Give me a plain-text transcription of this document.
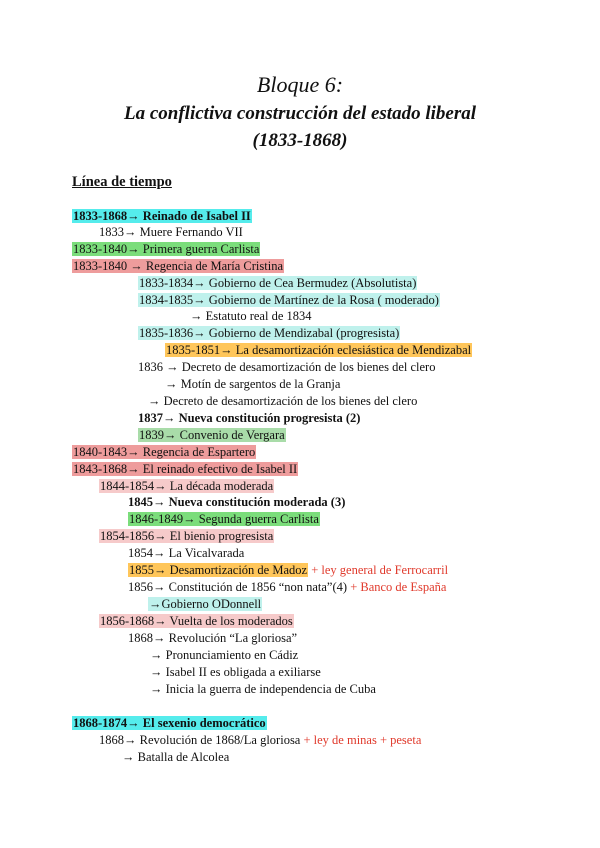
Bloque 6:
La conflictiva construcción del estado liberal
(1833-1868)
Línea de tiempo
1833-1868→ Reinado de Isabel II
1833→ Muere Fernando VII
1833-1840→ Primera guerra Carlista
1833-1840 → Regencia de María Cristina
1833-1834→ Gobierno de Cea Bermudez (Absolutista)
1834-1835→ Gobierno de Martínez de la Rosa ( moderado)
→ Estatuto real de 1834
1835-1836→ Gobierno de Mendizabal (progresista)
1835-1851→ La desamortización eclesiástica de Mendizabal
1836 → Decreto de desamortización de los bienes del clero
→ Motín de sargentos de la Granja
→ Decreto de desamortización de los bienes del clero
1837→ Nueva constitución progresista (2)
1839→ Convenio de Vergara
1840-1843→ Regencia de Espartero
1843-1868→ El reinado efectivo de Isabel II
1844-1854→ La década moderada
1845→ Nueva constitución moderada (3)
1846-1849→ Segunda guerra Carlista
1854-1856→ El bienio progresista
1854→ La Vicalvarada
1855→ Desamortización de Madoz + ley general de Ferrocarril
1856→ Constitución de 1856 “non nata”(4) + Banco de España
→Gobierno ODonnell
1856-1868→ Vuelta de los moderados
1868→ Revolución “La gloriosa”
→ Pronunciamiento en Cádiz
→ Isabel II es obligada a exiliarse
→ Inicia la guerra de independencia de Cuba
1868-1874→ El sexenio democrático
1868→ Revolución de 1868/La gloriosa + ley de minas + peseta
→ Batalla de Alcolea
